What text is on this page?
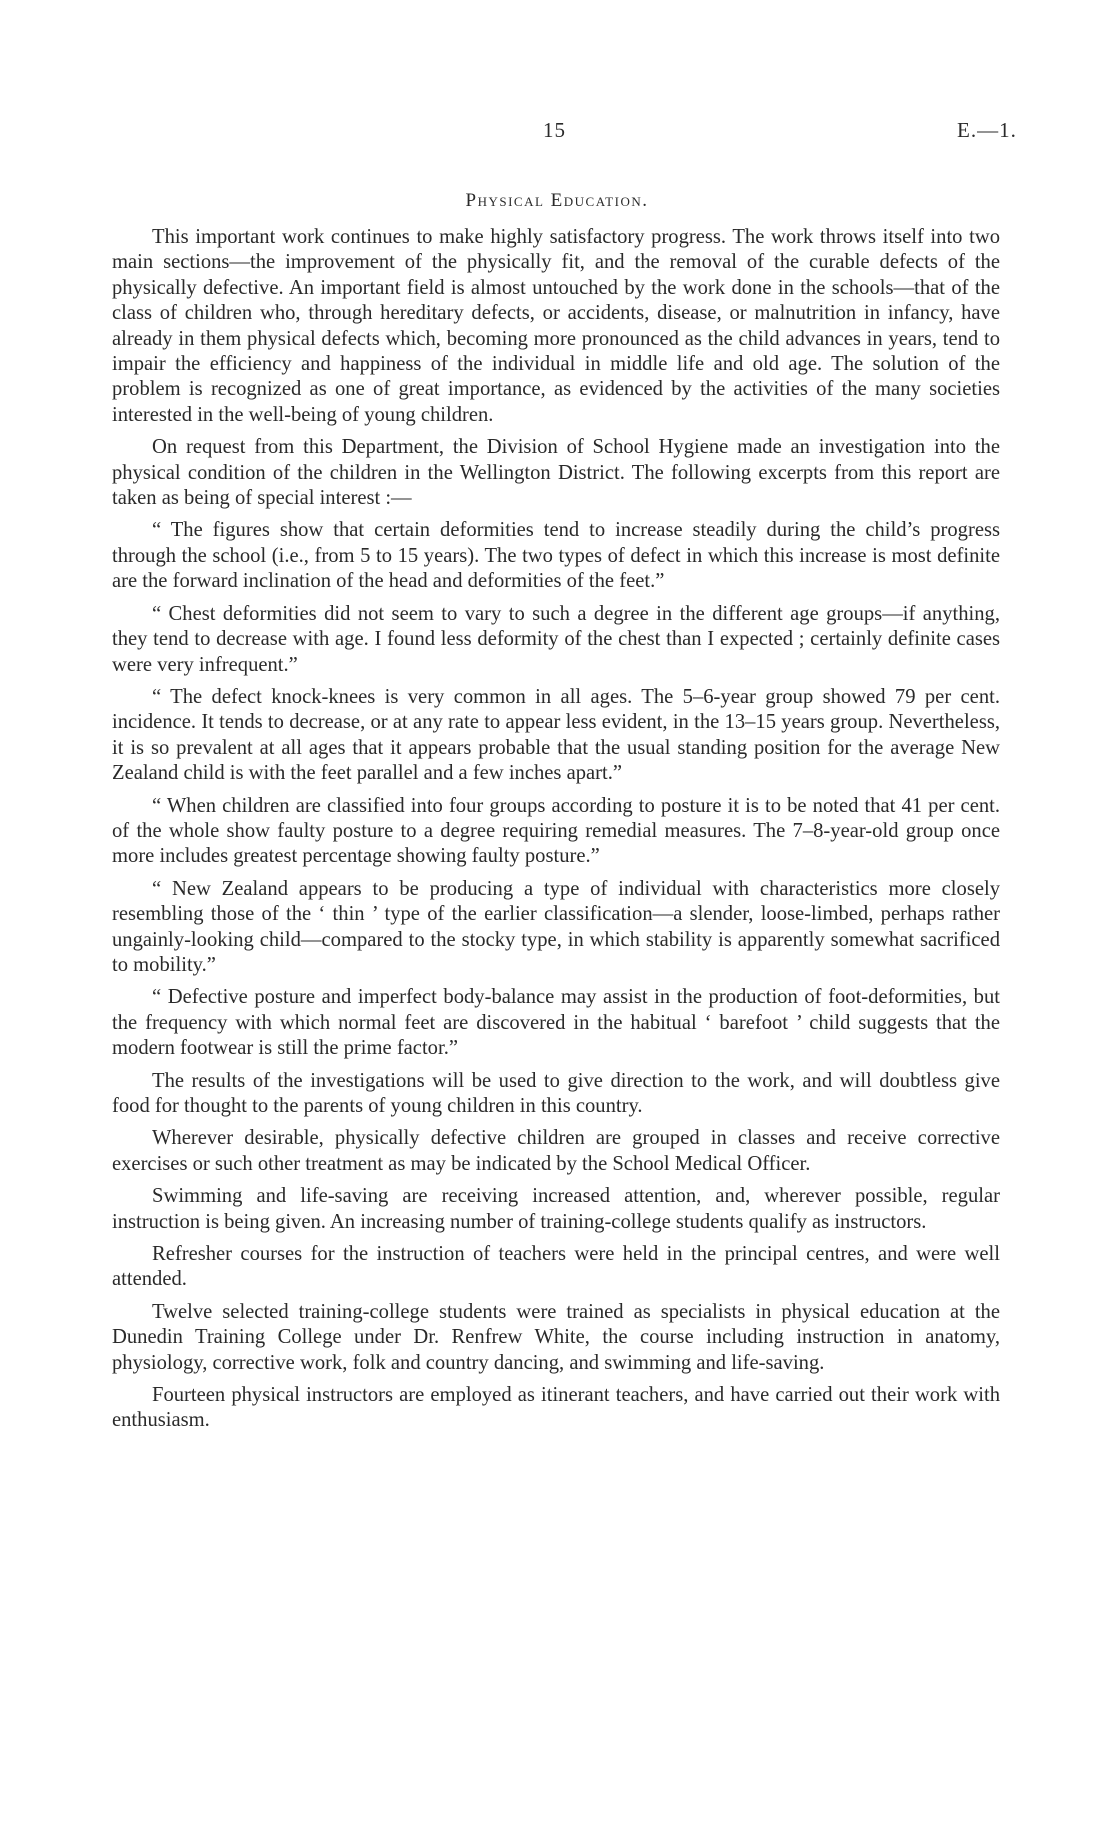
15	E.—1.
Physical Education.

This important work continues to make highly satisfactory progress. The work throws itself into two main sections—the improvement of the physically fit, and the removal of the curable defects of the physically defective. An important field is almost untouched by the work done in the schools—that of the class of children who, through hereditary defects, or accidents, disease, or malnutrition in infancy, have already in them physical defects which, becoming more pronounced as the child advances in years, tend to impair the efficiency and happiness of the individual in middle life and old age. The solution of the problem is recognized as one of great importance, as evidenced by the activities of the many societies interested in the well-being of young children.

On request from this Department, the Division of School Hygiene made an investigation into the physical condition of the children in the Wellington District. The following excerpts from this report are taken as being of special interest :—

“ The figures show that certain deformities tend to increase steadily during the child’s progress through the school (i.e., from 5 to 15 years). The two types of defect in which this increase is most definite are the forward inclination of the head and deformities of the feet.”

“ Chest deformities did not seem to vary to such a degree in the different age groups—if anything, they tend to decrease with age. I found less deformity of the chest than I expected ; certainly definite cases were very infrequent.”

“ The defect knock-knees is very common in all ages. The 5–6-year group showed 79 per cent. incidence. It tends to decrease, or at any rate to appear less evident, in the 13–15 years group. Nevertheless, it is so prevalent at all ages that it appears probable that the usual standing position for the average New Zealand child is with the feet parallel and a few inches apart.”

“ When children are classified into four groups according to posture it is to be noted that 41 per cent. of the whole show faulty posture to a degree requiring remedial measures. The 7–8-year-old group once more includes greatest percentage showing faulty posture.”

“ New Zealand appears to be producing a type of individual with characteristics more closely resembling those of the ‘ thin ’ type of the earlier classification—a slender, loose-limbed, perhaps rather ungainly-looking child—compared to the stocky type, in which stability is apparently somewhat sacrificed to mobility.”

“ Defective posture and imperfect body-balance may assist in the production of foot-deformities, but the frequency with which normal feet are discovered in the habitual ‘ barefoot ’ child suggests that the modern footwear is still the prime factor.”

The results of the investigations will be used to give direction to the work, and will doubtless give food for thought to the parents of young children in this country.

Wherever desirable, physically defective children are grouped in classes and receive corrective exercises or such other treatment as may be indicated by the School Medical Officer.

Swimming and life-saving are receiving increased attention, and, wherever possible, regular instruction is being given. An increasing number of training-college students qualify as instructors.

Refresher courses for the instruction of teachers were held in the principal centres, and were well attended.

Twelve selected training-college students were trained as specialists in physical education at the Dunedin Training College under Dr. Renfrew White, the course including instruction in anatomy, physiology, corrective work, folk and country dancing, and swimming and life-saving.

Fourteen physical instructors are employed as itinerant teachers, and have carried out their work with enthusiasm.
